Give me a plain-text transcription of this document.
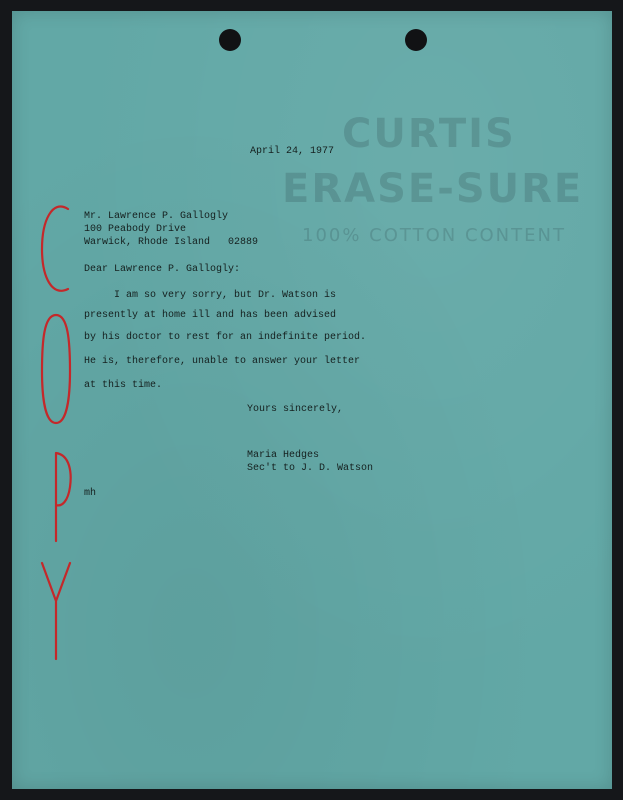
CURTIS
ERASE-SURE
100% COTTON CONTENT
April 24, 1977
Mr. Lawrence P. Gallogly
100 Peabody Drive
Warwick, Rhode Island   02889
Dear Lawrence P. Gallogly:
I am so very sorry, but Dr. Watson is
presently at home ill and has been advised
by his doctor to rest for an indefinite period.
He is, therefore, unable to answer your letter
at this time.
Yours sincerely,
Maria Hedges
Sec't to J. D. Watson
mh
